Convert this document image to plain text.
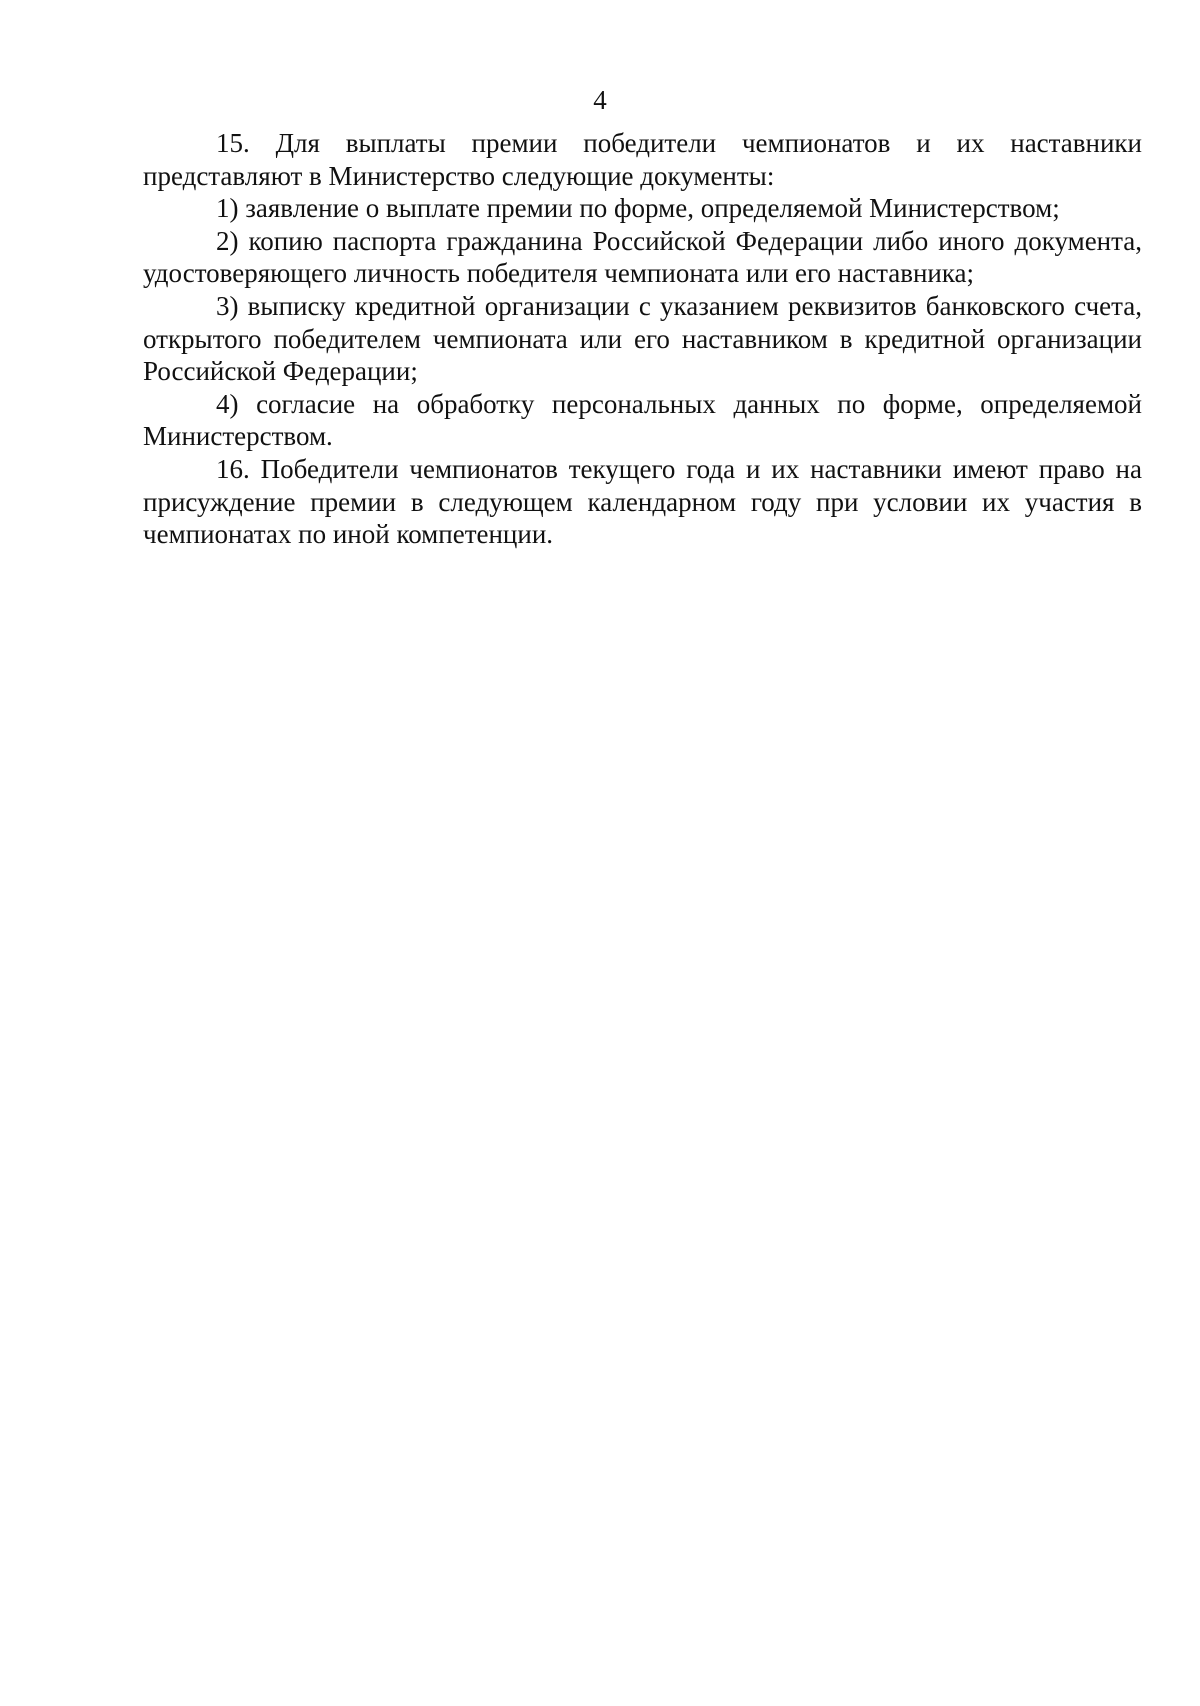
4

15. Для выплаты премии победители чемпионатов и их наставники представляют в Министерство следующие документы:

1) заявление о выплате премии по форме, определяемой Министерством;

2) копию паспорта гражданина Российской Федерации либо иного документа, удостоверяющего личность победителя чемпионата или его наставника;

3) выписку кредитной организации с указанием реквизитов банковского счета, открытого победителем чемпионата или его наставником в кредитной организации Российской Федерации;

4) согласие на обработку персональных данных по форме, определяемой Министерством.

16. Победители чемпионатов текущего года и их наставники имеют право на присуждение премии в следующем календарном году при условии их участия в чемпионатах по иной компетенции.
